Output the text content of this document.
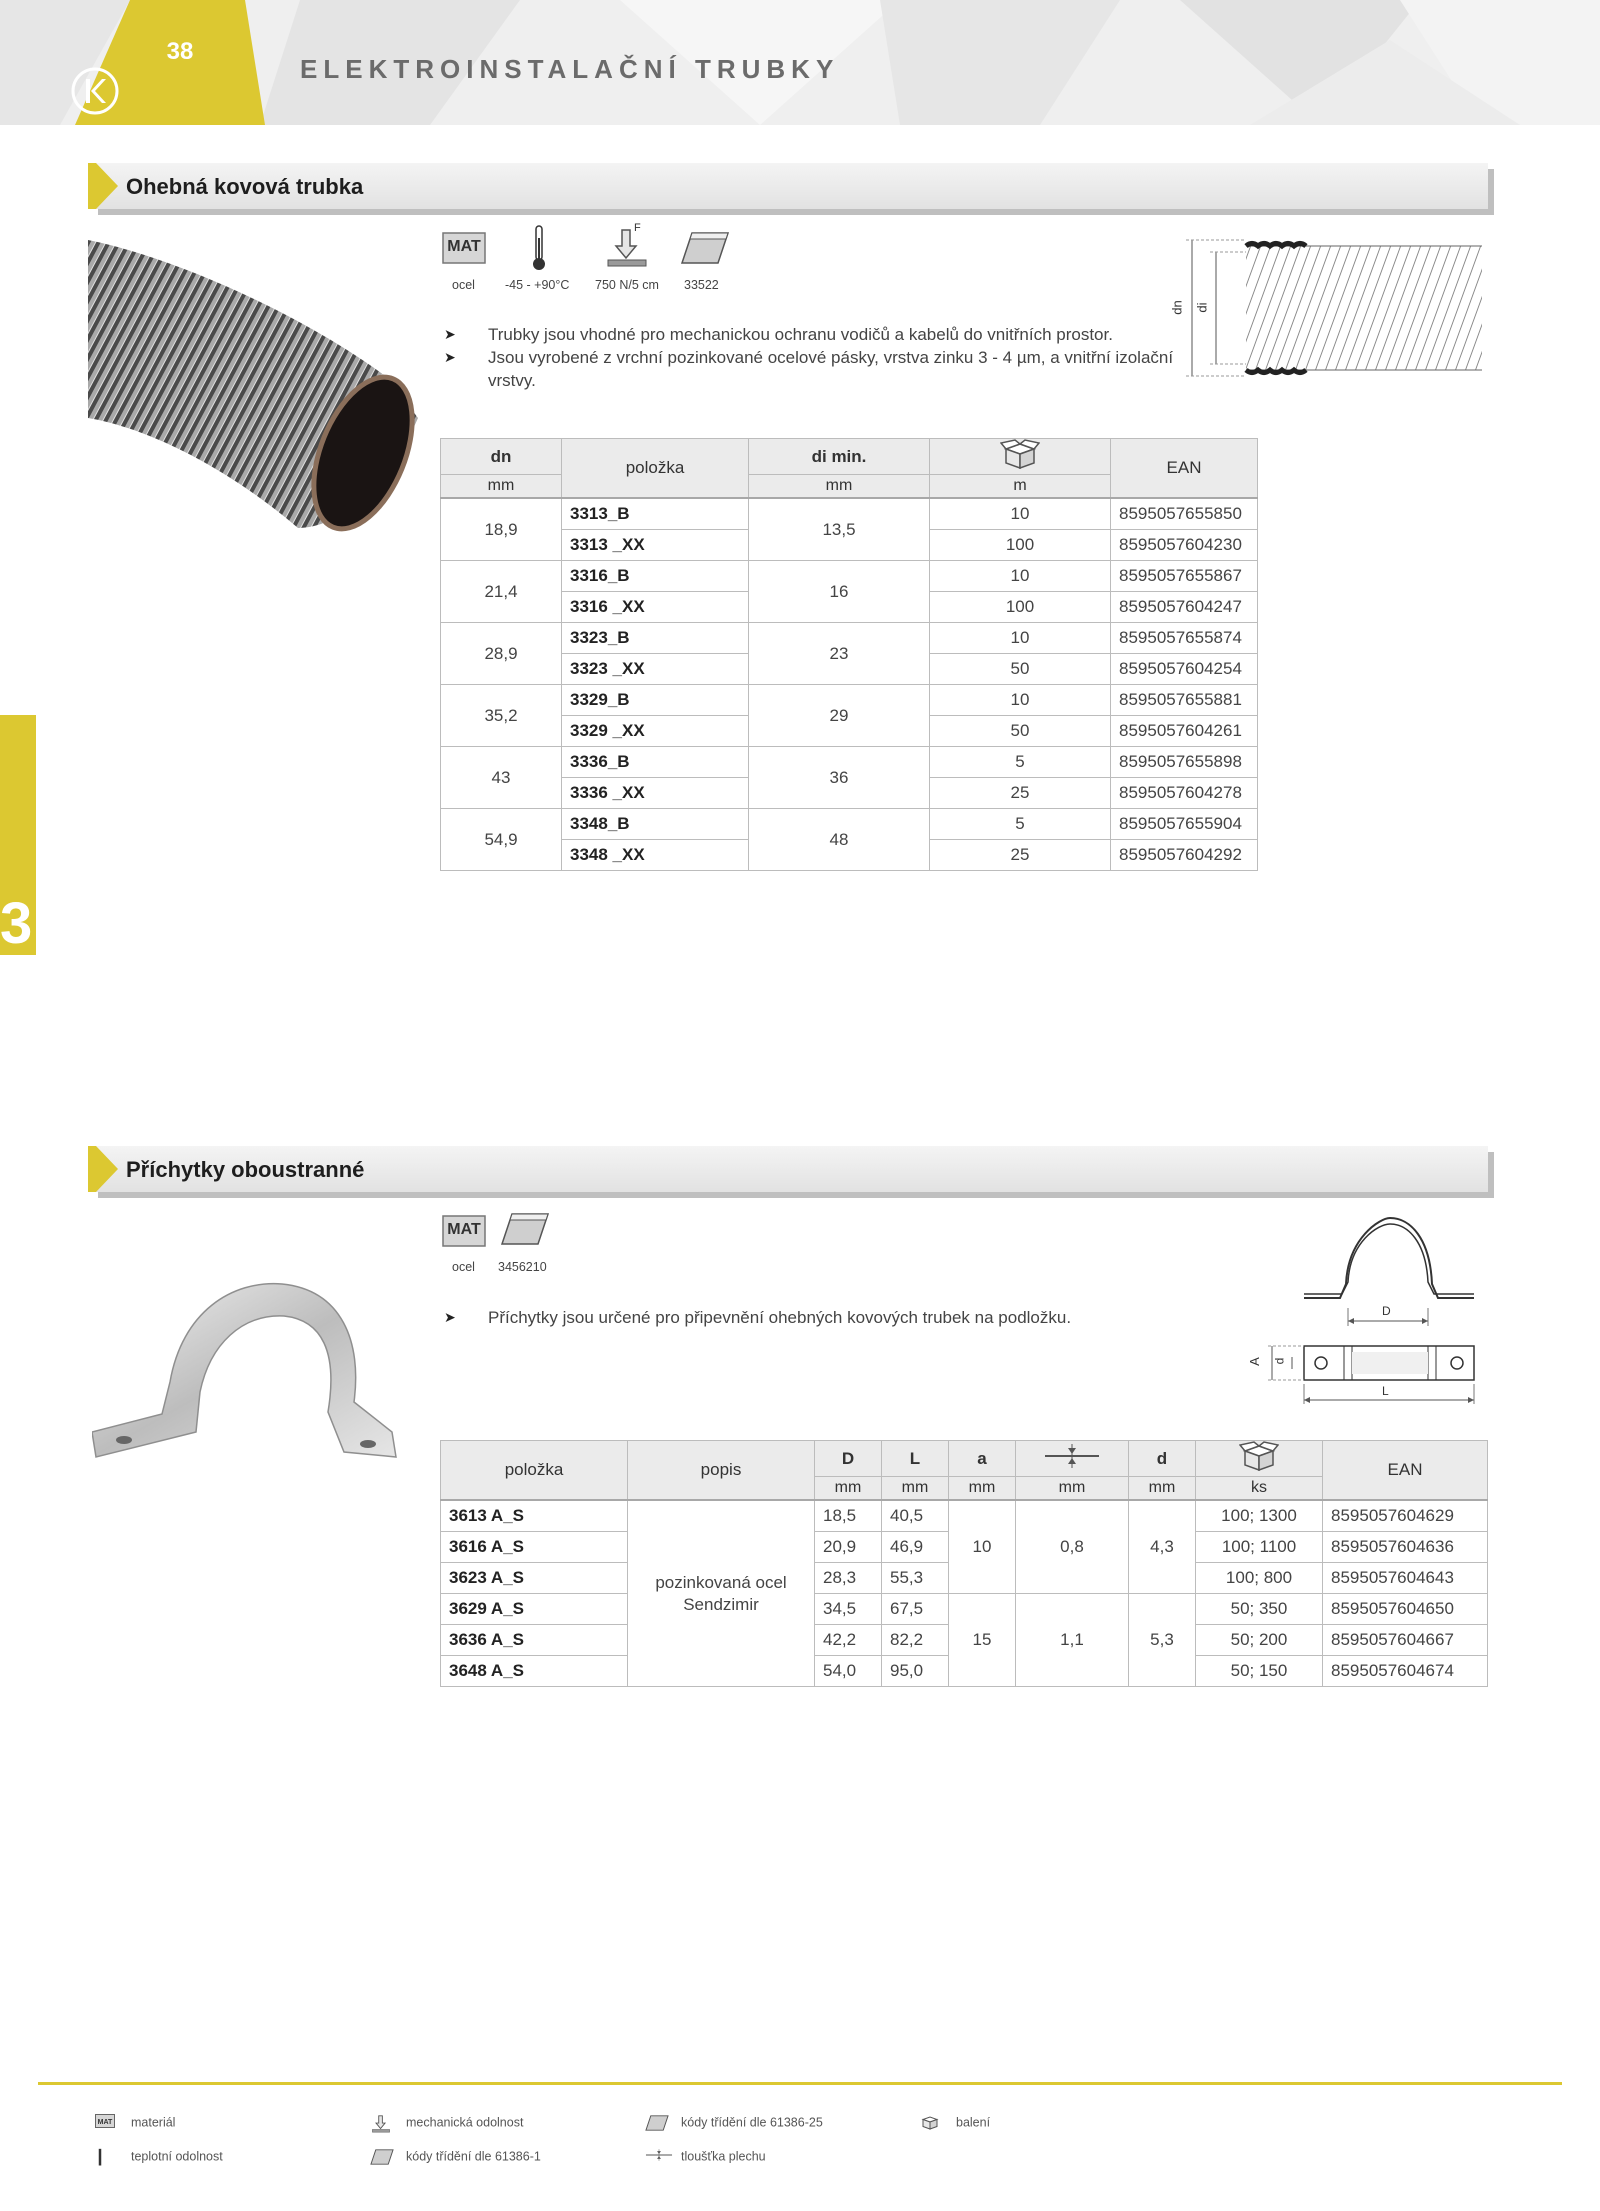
38
ELEKTROINSTALAČNÍ TRUBKY
3
Ohebná kovová trubka
MAT
F
ocel -45 - +90°C 750 N/5 cm 33522
➤ Trubky jsou vhodné pro mechanickou ochranu vodičů a kabelů do vnitřních prostor.
➤ Jsou vyrobené z vrchní pozinkované ocelové pásky, vrstva zinku 3 - 4 µm, a vnitřní izolační vrstvy.
dn di
dn	položka	di min.		EAN
mm		mm	m	
18,9	3313_B	13,5	10	8595057655850
	3313 _XX		100	8595057604230
21,4	3316_B	16	10	8595057655867
	3316 _XX		100	8595057604247
28,9	3323_B	23	10	8595057655874
	3323 _XX		50	8595057604254
35,2	3329_B	29	10	8595057655881
	3329 _XX		50	8595057604261
43	3336_B	36	5	8595057655898
	3336 _XX		25	8595057604278
54,9	3348_B	48	5	8595057655904
	3348 _XX		25	8595057604292
Příchytky oboustranné
MAT
ocel 3456210
➤ Příchytky jsou určené pro připevnění ohebných kovových trubek na podložku.	D
A d
L
položka	popis	D	L	a		d		EAN
		mm	mm	mm	mm	mm	ks	
3613 A_S	pozinkovaná ocel Sendzimir	18,5	40,5	10	0,8	4,3	100; 1300	8595057604629
3616 A_S		20,9	46,9				100; 1100	8595057604636
3623 A_S		28,3	55,3				100; 800	8595057604643
3629 A_S		34,5	67,5	15	1,1	5,3	50; 350	8595057604650
3636 A_S		42,2	82,2				50; 200	8595057604667
3648 A_S		54,0	95,0				50; 150	8595057604674
MAT materiál	mechanická odolnost	kódy třídění dle 61386-25	balení
teplotní odolnost	kódy třídění dle 61386-1	tloušťka plechu
